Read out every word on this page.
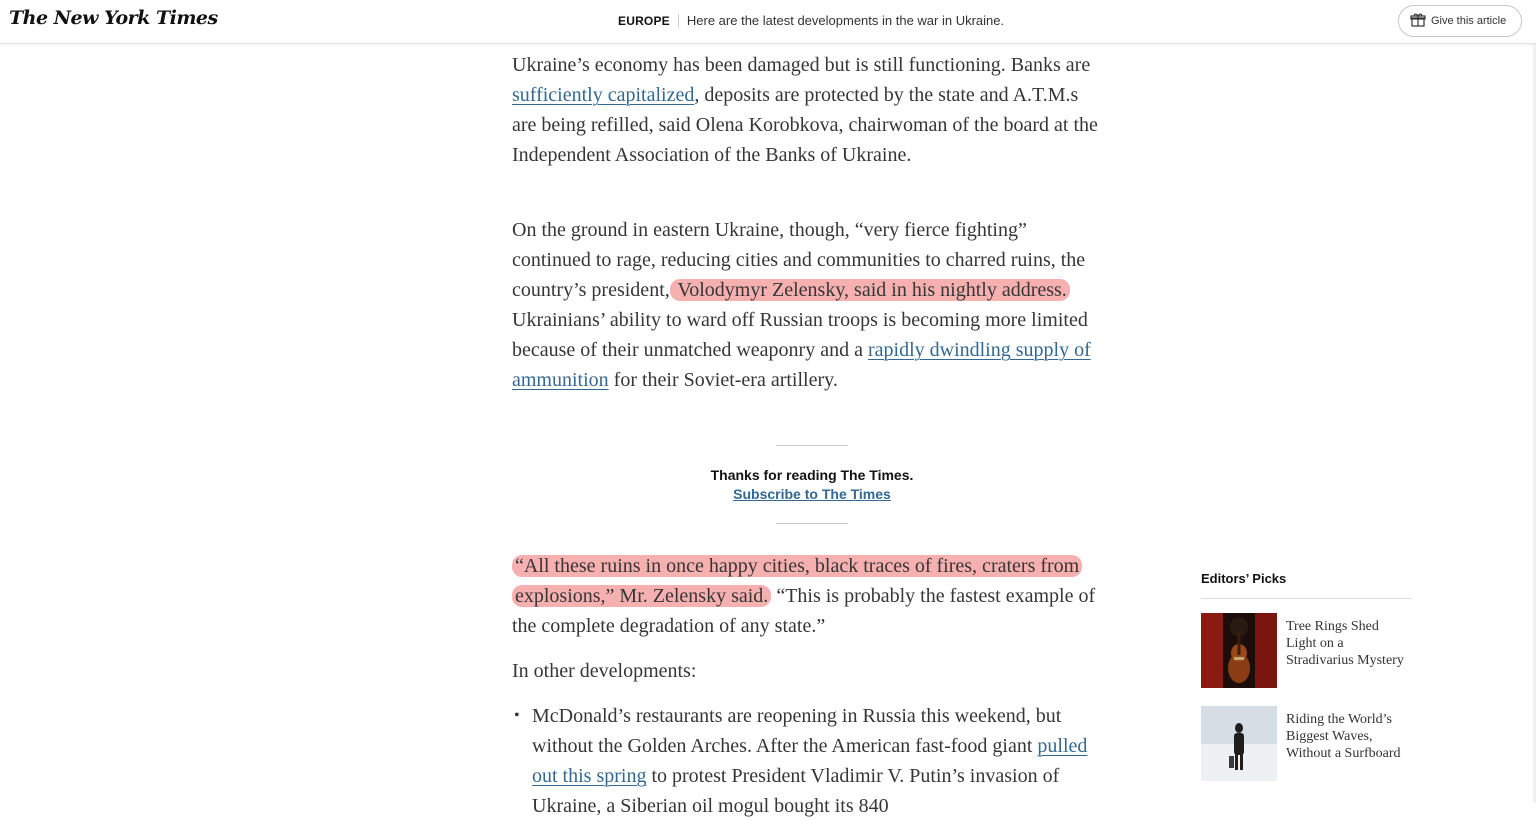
The New York Times	EUROPE Here are the latest developments in the war in Ukraine.	Give this article

Ukraine’s economy has been damaged but is still functioning. Banks are sufficiently capitalized, deposits are protected by the state and A.T.M.s are being refilled, said Olena Korobkova, chairwoman of the board at the Independent Association of the Banks of Ukraine.

On the ground in eastern Ukraine, though, “very fierce fighting” continued to rage, reducing cities and communities to charred ruins, the country’s president, Volodymyr Zelensky, said in his nightly address. Ukrainians’ ability to ward off Russian troops is becoming more limited because of their unmatched weaponry and a rapidly dwindling supply of ammunition for their Soviet-era artillery.

Thanks for reading The Times.
Subscribe to The Times

“All these ruins in once happy cities, black traces of fires, craters from explosions,” Mr. Zelensky said. “This is probably the fastest example of the complete degradation of any state.”

In other developments:

• McDonald’s restaurants are reopening in Russia this weekend, but without the Golden Arches. After the American fast-food giant pulled out this spring to protest President Vladimir V. Putin’s invasion of Ukraine, a Siberian oil mogul bought its 840
Editors’ Picks
Tree Rings Shed Light on a Stradivarius Mystery
Riding the World’s Biggest Waves, Without a Surfboard
